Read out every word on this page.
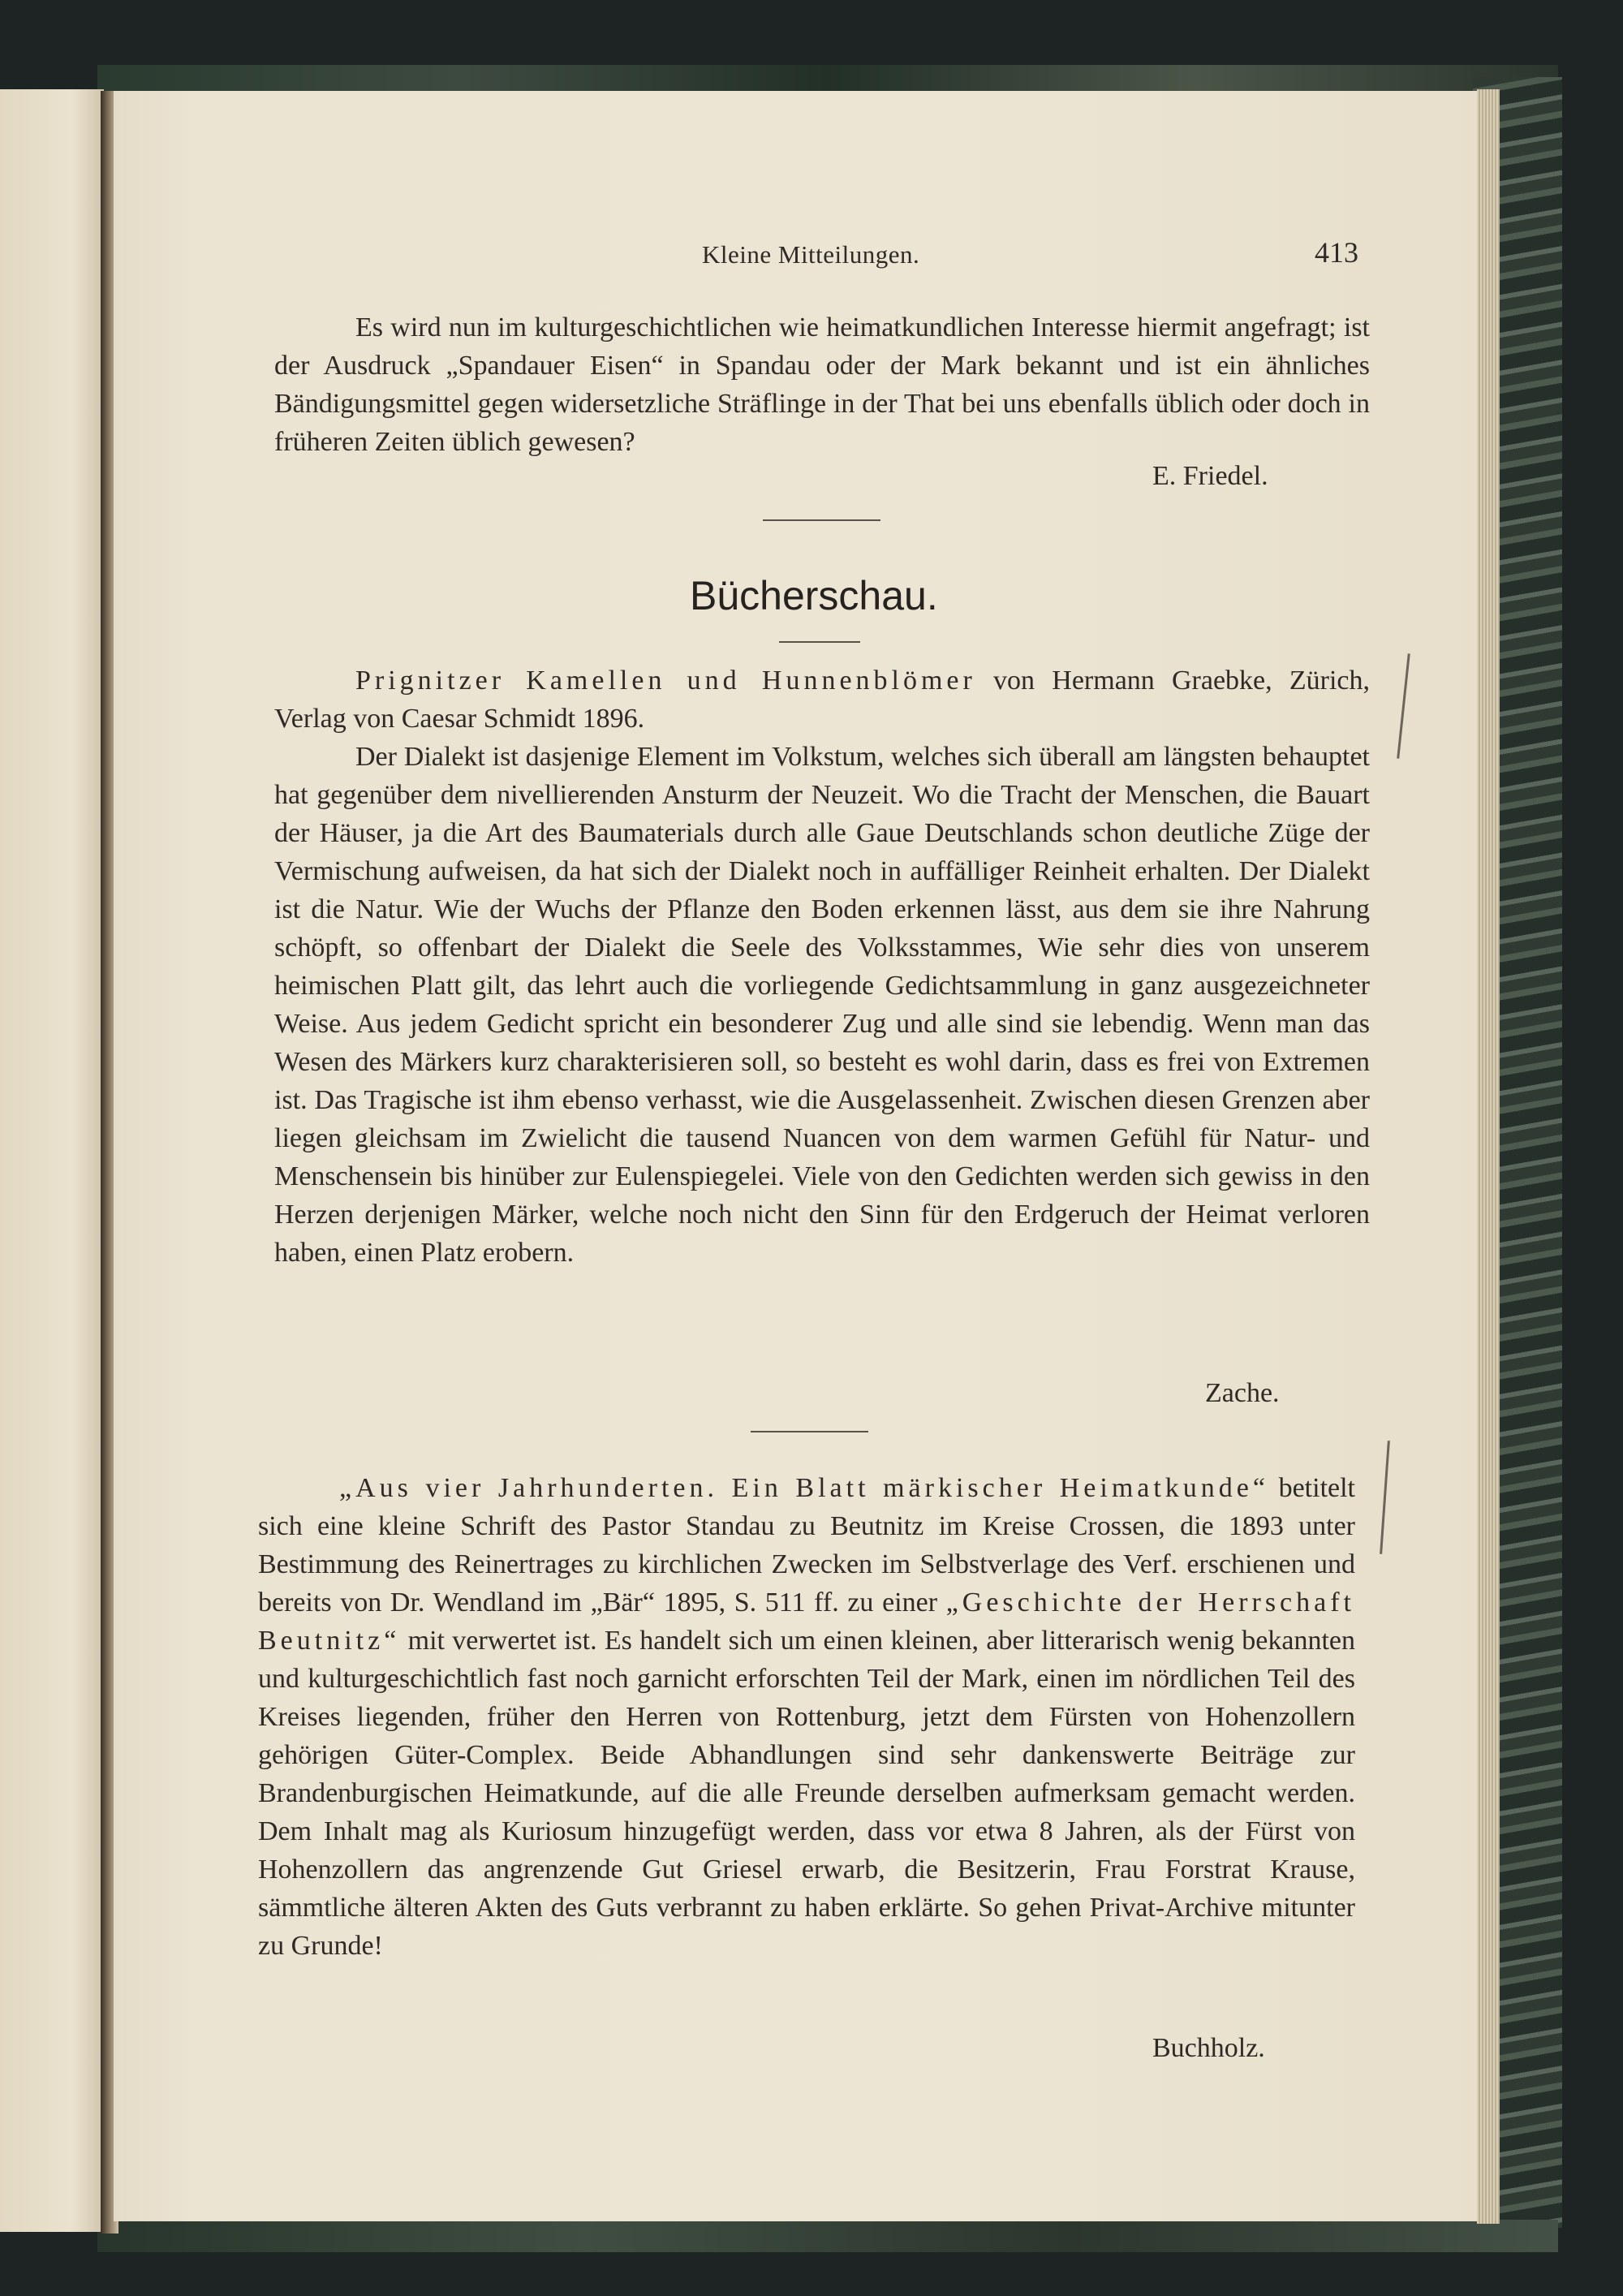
Kleine Mitteilungen.	413
Es wird nun im kulturgeschichtlichen wie heimatkundlichen Interesse hiermit angefragt; ist der Ausdruck „Spandauer Eisen“ in Spandau oder der Mark bekannt und ist ein ähnliches Bändigungsmittel gegen widersetzliche Sträflinge in der That bei uns ebenfalls üblich oder doch in früheren Zeiten üblich gewesen?
E. Friedel.
Bücherschau.
Prignitzer Kamellen und Hunnenblömer von Hermann Graebke, Zürich, Verlag von Caesar Schmidt 1896.
Der Dialekt ist dasjenige Element im Volkstum, welches sich überall am längsten behauptet hat gegenüber dem nivellierenden Ansturm der Neuzeit. Wo die Tracht der Menschen, die Bauart der Häuser, ja die Art des Baumaterials durch alle Gaue Deutschlands schon deutliche Züge der Vermischung aufweisen, da hat sich der Dialekt noch in auffälliger Reinheit erhalten. Der Dialekt ist die Natur. Wie der Wuchs der Pflanze den Boden erkennen lässt, aus dem sie ihre Nahrung schöpft, so offenbart der Dialekt die Seele des Volksstammes, Wie sehr dies von unserem heimischen Platt gilt, das lehrt auch die vorliegende Gedichtsammlung in ganz ausgezeichneter Weise. Aus jedem Gedicht spricht ein besonderer Zug und alle sind sie lebendig. Wenn man das Wesen des Märkers kurz charakterisieren soll, so besteht es wohl darin, dass es frei von Extremen ist. Das Tragische ist ihm ebenso verhasst, wie die Ausgelassenheit. Zwischen diesen Grenzen aber liegen gleichsam im Zwielicht die tausend Nuancen von dem warmen Gefühl für Natur- und Menschensein bis hinüber zur Eulenspiegelei. Viele von den Gedichten werden sich gewiss in den Herzen derjenigen Märker, welche noch nicht den Sinn für den Erdgeruch der Heimat verloren haben, einen Platz erobern.
Zache.
„Aus vier Jahrhunderten. Ein Blatt märkischer Heimatkunde“ betitelt sich eine kleine Schrift des Pastor Standau zu Beutnitz im Kreise Crossen, die 1893 unter Bestimmung des Reinertrages zu kirchlichen Zwecken im Selbstverlage des Verf. erschienen und bereits von Dr. Wendland im „Bär“ 1895, S. 511 ff. zu einer „Geschichte der Herrschaft Beutnitz“ mit verwertet ist. Es handelt sich um einen kleinen, aber litterarisch wenig bekannten und kulturgeschichtlich fast noch garnicht erforschten Teil der Mark, einen im nördlichen Teil des Kreises liegenden, früher den Herren von Rottenburg, jetzt dem Fürsten von Hohenzollern gehörigen Güter-Complex. Beide Abhandlungen sind sehr dankenswerte Beiträge zur Brandenburgischen Heimatkunde, auf die alle Freunde derselben aufmerksam gemacht werden. Dem Inhalt mag als Kuriosum hinzugefügt werden, dass vor etwa 8 Jahren, als der Fürst von Hohenzollern das angrenzende Gut Griesel erwarb, die Besitzerin, Frau Forstrat Krause, sämmtliche älteren Akten des Guts verbrannt zu haben erklärte. So gehen Privat-Archive mitunter zu Grunde!
Buchholz.
